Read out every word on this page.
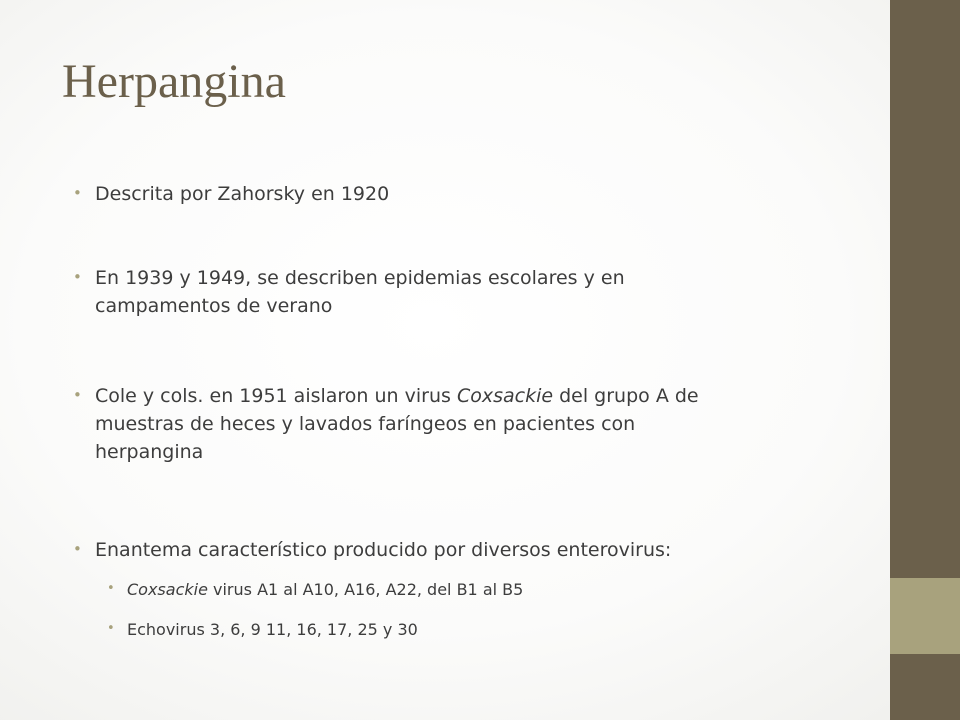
Herpangina
• Descrita por Zahorsky en 1920
• En 1939 y 1949, se describen epidemias escolares y en
campamentos de verano
• Cole y cols. en 1951 aislaron un virus Coxsackie del grupo A de
muestras de heces y lavados faríngeos en pacientes con
herpangina
• Enantema característico producido por diversos enterovirus:
• Coxsackie virus A1 al A10, A16, A22, del B1 al B5
• Echovirus 3, 6, 9 11, 16, 17, 25 y 30
